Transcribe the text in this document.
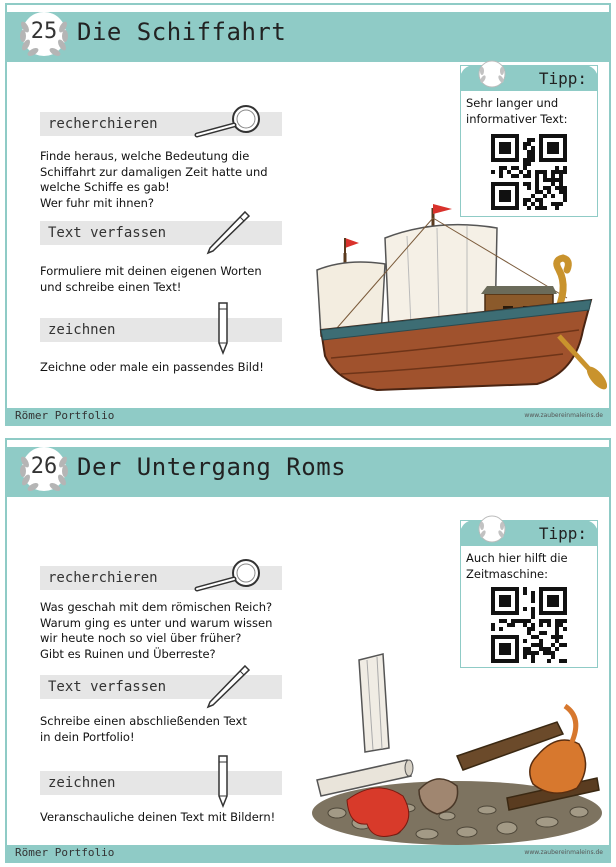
25 Die Schiffahrt
recherchieren
Finde heraus, welche Bedeutung die
Schiffahrt zur damaligen Zeit hatte und
welche Schiffe es gab!
Wer fuhr mit ihnen?
Text verfassen
Formuliere mit deinen eigenen Worten
und schreibe einen Text!
zeichnen
Zeichne oder male ein passendes Bild!
Tipp:
Sehr langer und
informativer Text:
Römer Portfolio	www.zaubereinmaleins.de
26 Der Untergang Roms
recherchieren
Was geschah mit dem römischen Reich?
Warum ging es unter und warum wissen
wir heute noch so viel über früher?
Gibt es Ruinen und Überreste?
Text verfassen
Schreibe einen abschließenden Text
in dein Portfolio!
zeichnen
Veranschauliche deinen Text mit Bildern!
Tipp:
Auch hier hilft die
Zeitmaschine:
Römer Portfolio	www.zaubereinmaleins.de
